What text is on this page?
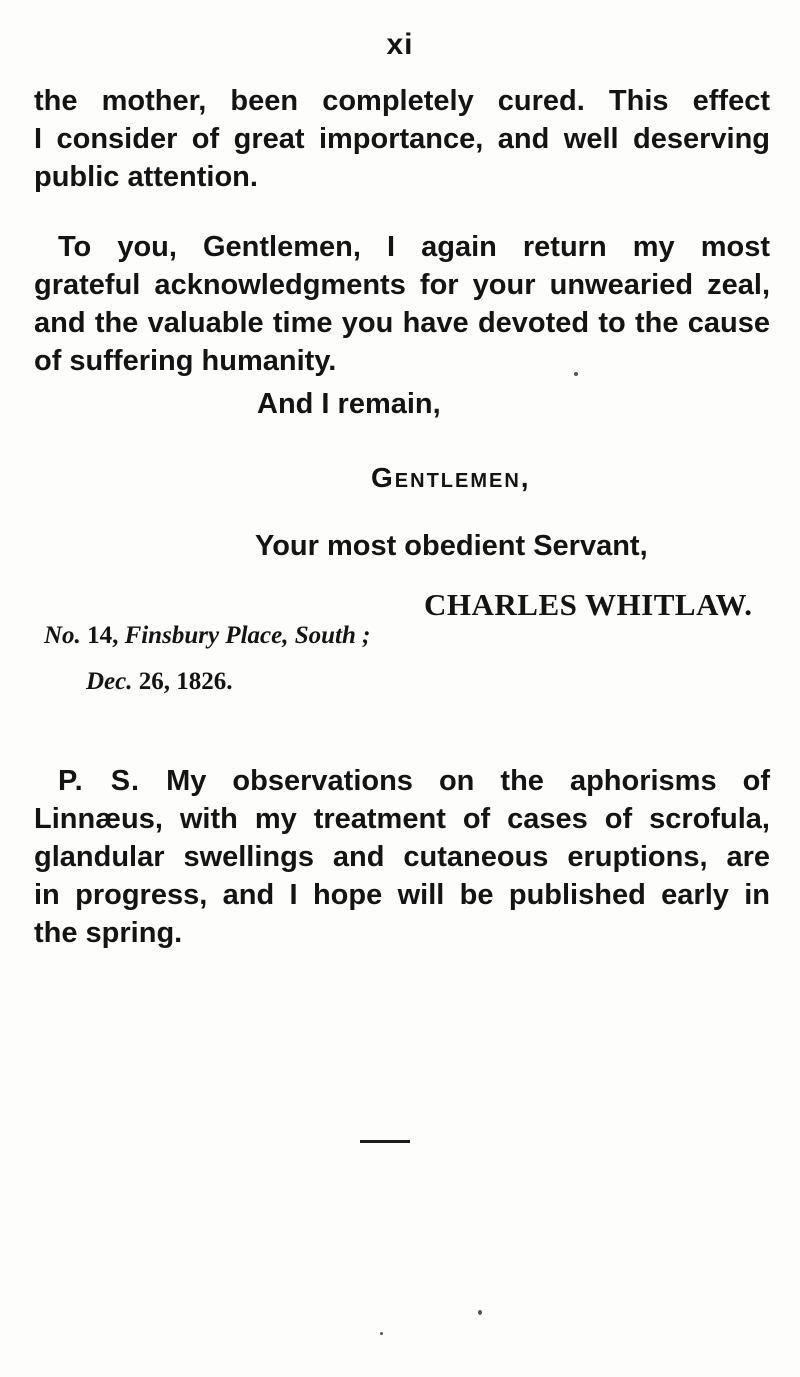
xi

the mother, been completely cured. This effect
I consider of great importance, and well deserving
public attention.

To you, Gentlemen, I again return my most
grateful acknowledgments for your unwearied zeal,
and the valuable time you have devoted to the cause
of suffering humanity.

And I remain,
Gentlemen,
Your most obedient Servant,
CHARLES WHITLAW.
No. 14, Finsbury Place, South ;
Dec. 26, 1826.

P. S. My observations on the aphorisms of
Linnæus, with my treatment of cases of scrofula,
glandular swellings and cutaneous eruptions, are
in progress, and I hope will be published early in
the spring.
